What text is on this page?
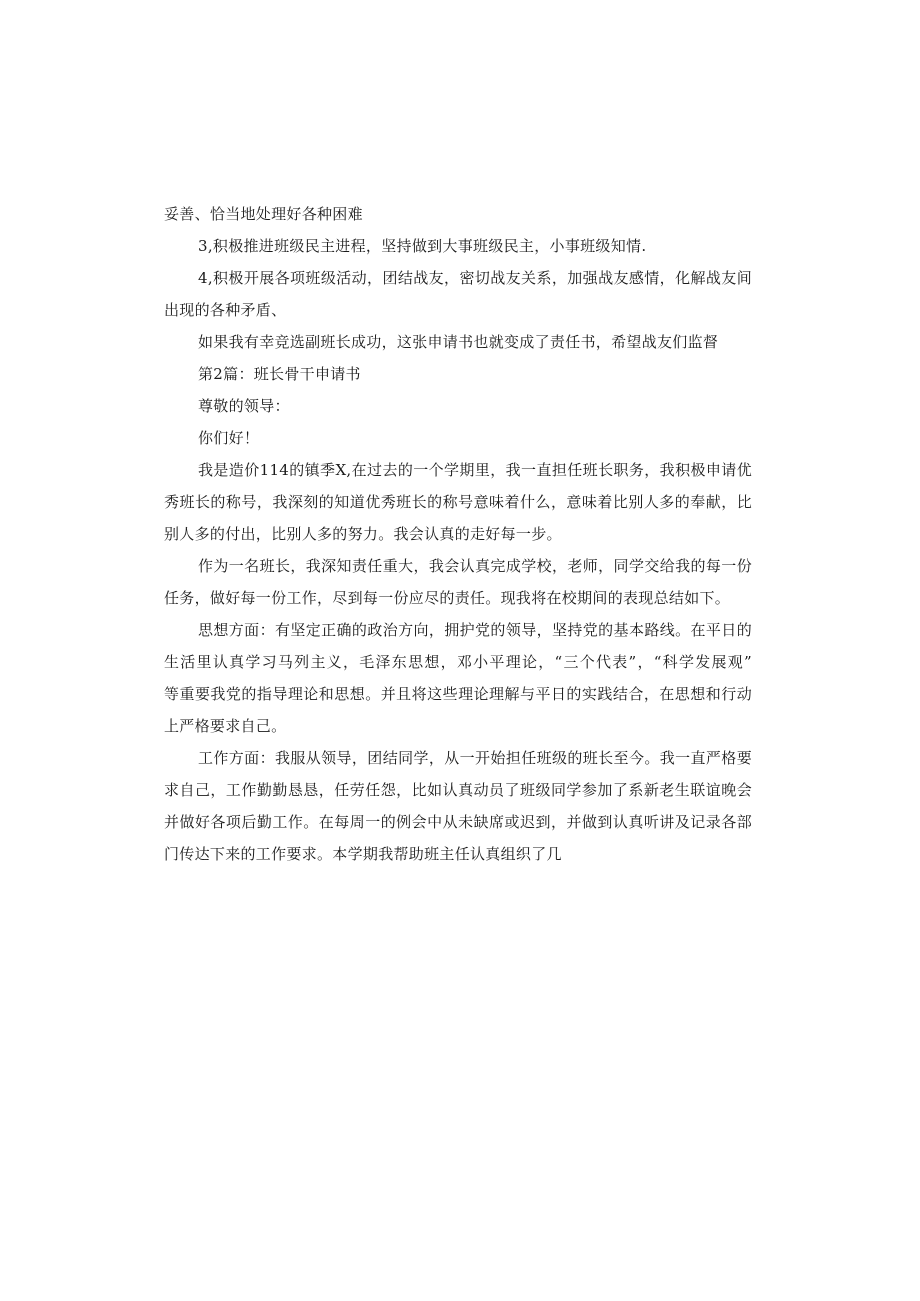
妥善、恰当地处理好各种困难
3,积极推进班级民主进程，坚持做到大事班级民主，小事班级知情.
4,积极开展各项班级活动，团结战友，密切战友关系，加强战友感情，化解战友间
出现的各种矛盾、
如果我有幸竞选副班长成功，这张申请书也就变成了责任书，希望战友们监督
第2篇：班长骨干申请书
尊敬的领导：
你们好！
我是造价114的镇季X,在过去的一个学期里，我一直担任班长职务，我积极申请优
秀班长的称号，我深刻的知道优秀班长的称号意味着什么，意味着比别人多的奉献，比
别人多的付出，比别人多的努力。我会认真的走好每一步。
作为一名班长，我深知责任重大，我会认真完成学校，老师，同学交给我的每一份
任务，做好每一份工作，尽到每一份应尽的责任。现我将在校期间的表现总结如下。
思想方面：有坚定正确的政治方向，拥护党的领导，坚持党的基本路线。在平日的
生活里认真学习马列主义，毛泽东思想，邓小平理论，“三个代表”，“科学发展观”
等重要我党的指导理论和思想。并且将这些理论理解与平日的实践结合，在思想和行动
上严格要求自己。
工作方面：我服从领导，团结同学，从一开始担任班级的班长至今。我一直严格要
求自己，工作勤勤恳恳，任劳任怨，比如认真动员了班级同学参加了系新老生联谊晚会
并做好各项后勤工作。在每周一的例会中从未缺席或迟到，并做到认真听讲及记录各部
门传达下来的工作要求。本学期我帮助班主任认真组织了几
